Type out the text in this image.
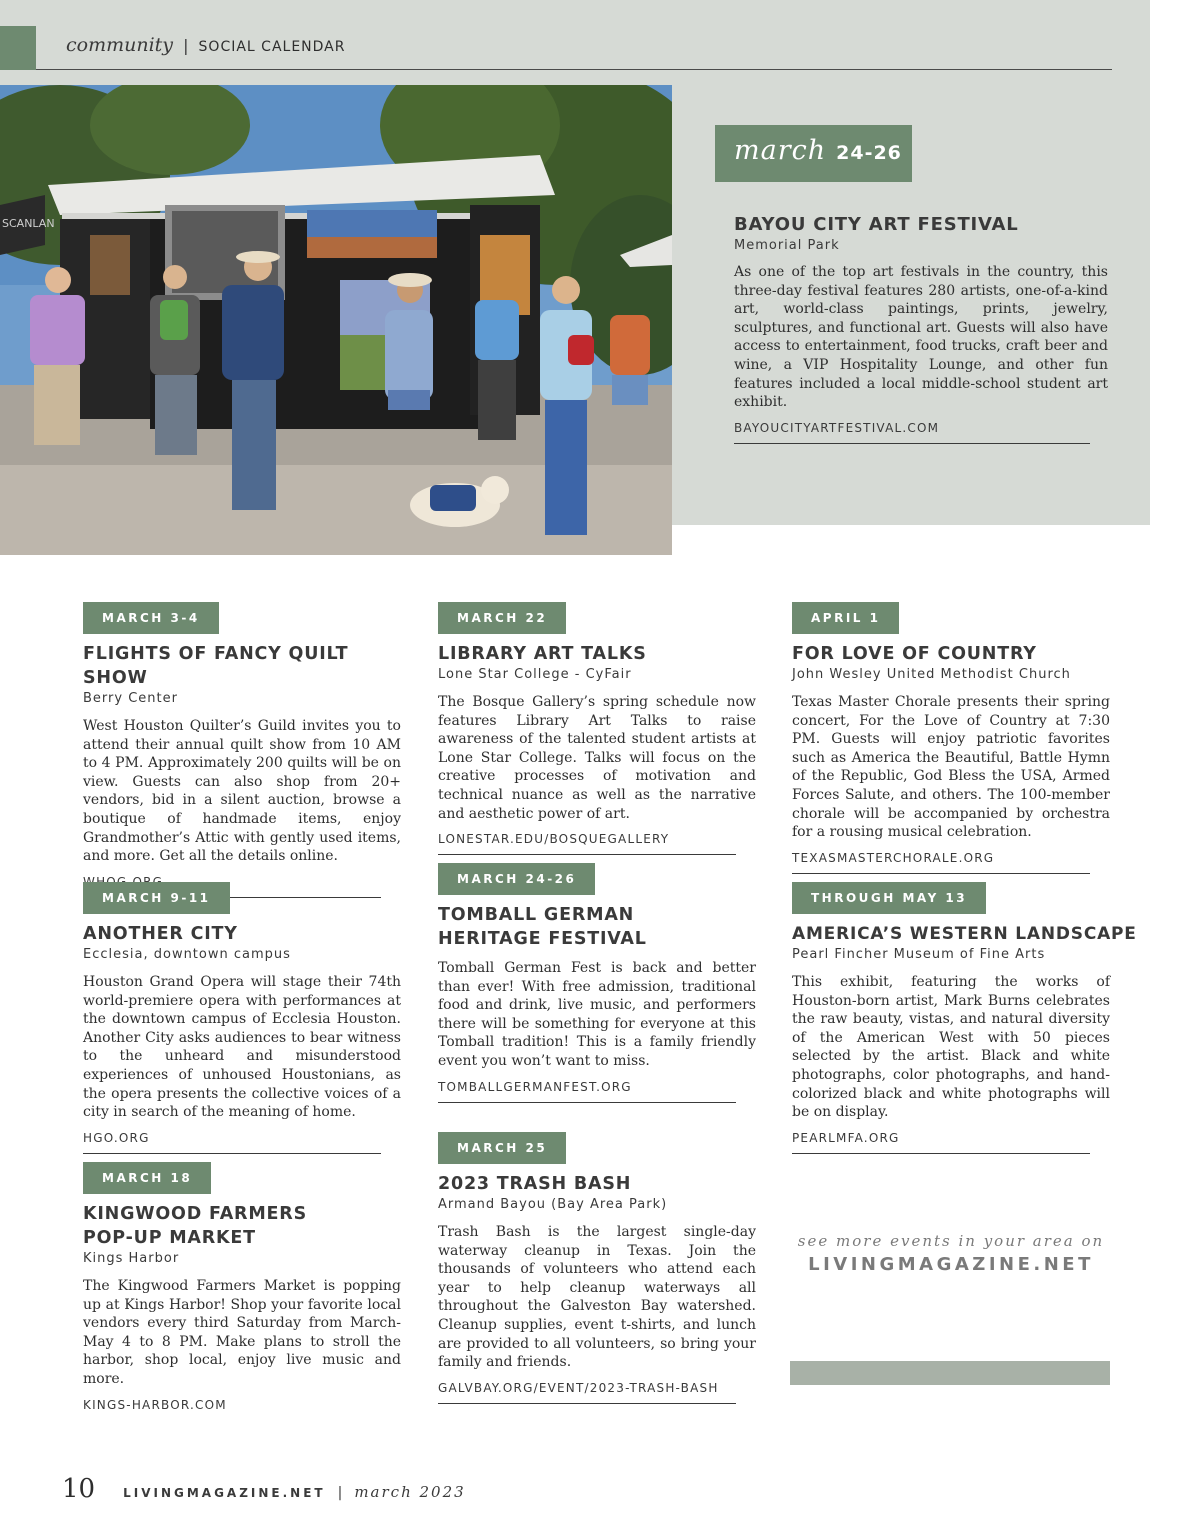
community | SOCIAL CALENDAR
SCANLAN
march 24-26
BAYOU CITY ART FESTIVAL
Memorial Park
As one of the top art festivals in the country, this three-day festival features 280 artists, one-of-a-kind art, world-class paintings, prints, jewelry, sculptures, and functional art. Guests will also have access to entertainment, food trucks, craft beer and wine, a VIP Hospitality Lounge, and other fun features included a local middle-school student art exhibit.
BAYOUCITYARTFESTIVAL.COM
MARCH 3-4
FLIGHTS OF FANCY QUILT SHOW
Berry Center
West Houston Quilter’s Guild invites you to attend their annual quilt show from 10 AM to 4 PM. Approximately 200 quilts will be on view. Guests can also shop from 20+ vendors, bid in a silent auction, browse a boutique of handmade items, enjoy Grandmother’s Attic with gently used items, and more. Get all the details online.
MARCH 9-11
ANOTHER CITY
Ecclesia, downtown campus
Houston Grand Opera will stage their 74th world-premiere opera with performances at the downtown campus of Ecclesia Houston. Another City asks audiences to bear witness to the unheard and misunderstood experiences of unhoused Houstonians, as the opera presents the collective voices of a city in search of the meaning of home.
HGO.ORG
MARCH 18
KINGWOOD FARMERS POP-UP MARKET
Kings Harbor
The Kingwood Farmers Market is popping up at Kings Harbor! Shop your favorite local vendors every third Saturday from March-May 4 to 8 PM. Make plans to stroll the harbor, shop local, enjoy live music and more.
KINGS-HARBOR.COM
MARCH 22
LIBRARY ART TALKS
Lone Star College - CyFair
The Bosque Gallery’s spring schedule now features Library Art Talks to raise awareness of the talented student artists at Lone Star College. Talks will focus on the creative processes of motivation and technical nuance as well as the narrative and aesthetic power of art.
LONESTAR.EDU/BOSQUEGALLERY
MARCH 24-26
TOMBALL GERMAN HERITAGE FESTIVAL
Tomball German Fest is back and better than ever! With free admission, traditional food and drink, live music, and performers there will be something for everyone at this Tomball tradition! This is a family friendly event you won’t want to miss.
TOMBALLGERMANFEST.ORG
MARCH 25
2023 TRASH BASH
Armand Bayou (Bay Area Park)
Trash Bash is the largest single-day waterway cleanup in Texas. Join the thousands of volunteers who attend each year to help cleanup waterways all throughout the Galveston Bay watershed. Cleanup supplies, event t-shirts, and lunch are provided to all volunteers, so bring your family and friends.
GALVBAY.ORG/EVENT/2023-TRASH-BASH
APRIL 1
FOR LOVE OF COUNTRY
John Wesley United Methodist Church
Texas Master Chorale presents their spring concert, For the Love of Country at 7:30 PM. Guests will enjoy patriotic favorites such as America the Beautiful, Battle Hymn of the Republic, God Bless the USA, Armed Forces Salute, and others. The 100-member chorale will be accompanied by orchestra for a rousing musical celebration.
TEXASMASTERCHORALE.ORG
THROUGH MAY 13
AMERICA’S WESTERN LANDSCAPE
Pearl Fincher Museum of Fine Arts
This exhibit, featuring the works of Houston-born artist, Mark Burns celebrates the raw beauty, vistas, and natural diversity of the American West with 50 pieces selected by the artist. Black and white photographs, color photographs, and hand-colorized black and white photographs will be on display.
PEARLMFA.ORG
see more events in your area on
LIVINGMAGAZINE.NET
10 LIVINGMAGAZINE.NET | march 2023
